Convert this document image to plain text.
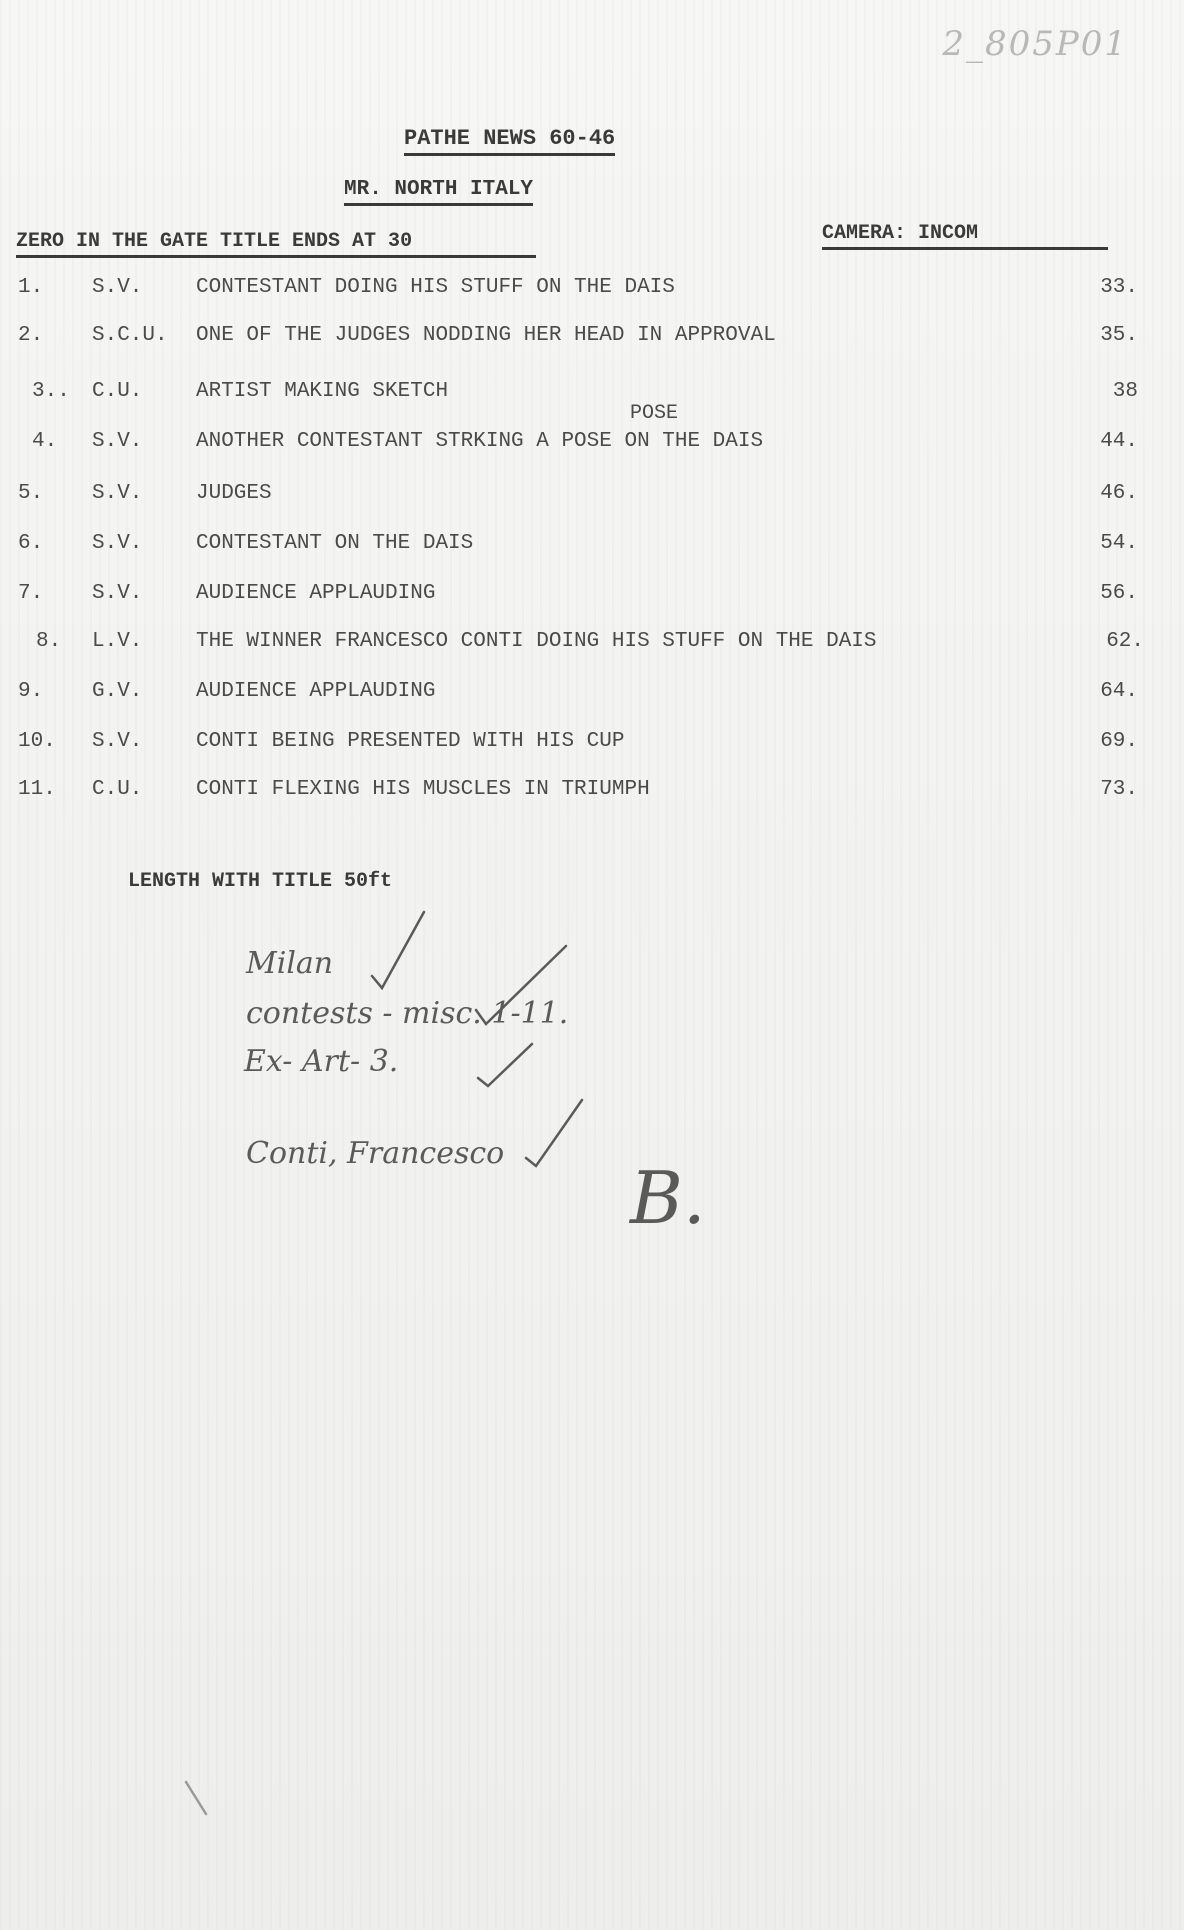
2_805P01
PATHE NEWS 60-46
MR. NORTH ITALY
ZERO IN THE GATE TITLE ENDS AT 30	CAMERA: INCOM
POSE
1. S.V.	CONTESTANT DOING HIS STUFF ON THE DAIS	33.
2. S.C.U. ONE OF THE JUDGES NODDING HER HEAD IN APPROVAL	35.
3.. C.U.	ARTIST MAKING SKETCH	38
4. S.V.	ANOTHER CONTESTANT STRKING A POSE ON THE DAIS	44.
5. S.V.	JUDGES	46.
6. S.V.	CONTESTANT ON THE DAIS	54.
7. S.V.	AUDIENCE APPLAUDING	56.
8. L.V.	THE WINNER FRANCESCO CONTI DOING HIS STUFF ON THE DAIS	62.
9. G.V.	AUDIENCE APPLAUDING	64.
10. S.V.	CONTI BEING PRESENTED WITH HIS CUP	69.
11. C.U.	CONTI FLEXING HIS MUSCLES IN TRIUMPH	73.
LENGTH WITH TITLE 50ft
Milan
contests - misc. 1-11.
Ex- Art- 3.
Conti, Francesco
B.
